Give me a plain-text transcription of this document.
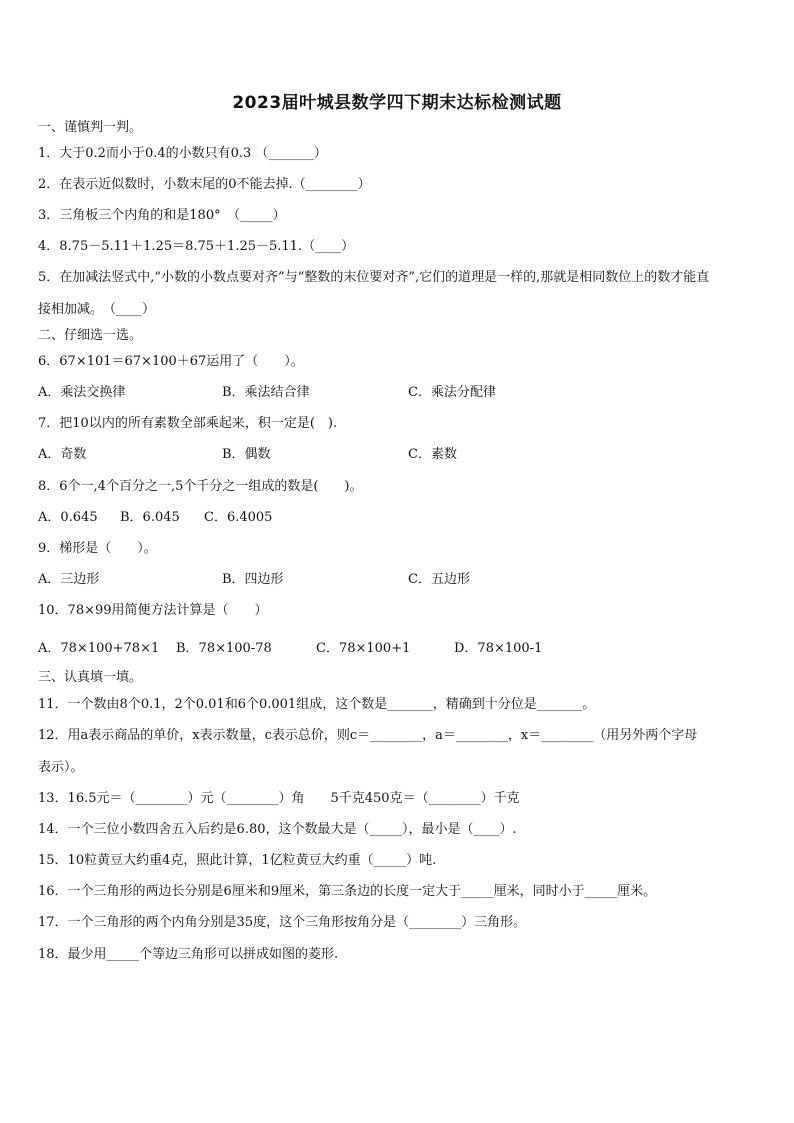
2023届叶城县数学四下期末达标检测试题
一、谨慎判一判。
1．大于0.2而小于0.4的小数只有0.3 （_______）
2．在表示近似数时，小数末尾的0不能去掉.（________）
3．三角板三个内角的和是180°　（_____）
4．8.75－5.11＋1.25＝8.75＋1.25－5.11.（____）
5．在加减法竖式中,“小数的小数点要对齐”与“整数的末位要对齐”,它们的道理是一样的,那就是相同数位上的数才能直
接相加减。　（____）
二、仔细选一选。
6．67×101＝67×100＋67运用了（　　）。
A．乘法交换律	B．乘法结合律	C．乘法分配律
7．把10以内的所有素数全部乘起来，积一定是(　).
A．奇数	B．偶数	C．素数
8．6个一,4个百分之一,5个千分之一组成的数是(　　)。
A．0.645 B．6.045 C．6.4005
9．梯形是（　　）。
A．三边形	B．四边形	C．五边形
10．78×99用简便方法计算是（　　）
A．78×100+78×1 B．78×100-78	C．78×100+1	D．78×100-1
三、认真填一填。
11．一个数由8个0.1，2个0.01和6个0.001组成，这个数是_______，精确到十分位是_______。
12．用a表示商品的单价，x表示数量，c表示总价，则c＝________，a＝________，x＝________（用另外两个字母
表示）。
13．16.5元＝（________）元（________）角　　5千克450克＝（________）千克
14．一个三位小数四舍五入后约是6.80，这个数最大是（_____），最小是（____）.
15．10粒黄豆大约重4克，照此计算，1亿粒黄豆大约重（_____）吨.
16．一个三角形的两边长分别是6厘米和9厘米，第三条边的长度一定大于_____厘米，同时小于_____厘米。
17．一个三角形的两个内角分别是35度，这个三角形按角分是（________）三角形。
18．最少用_____个等边三角形可以拼成如图的菱形.
